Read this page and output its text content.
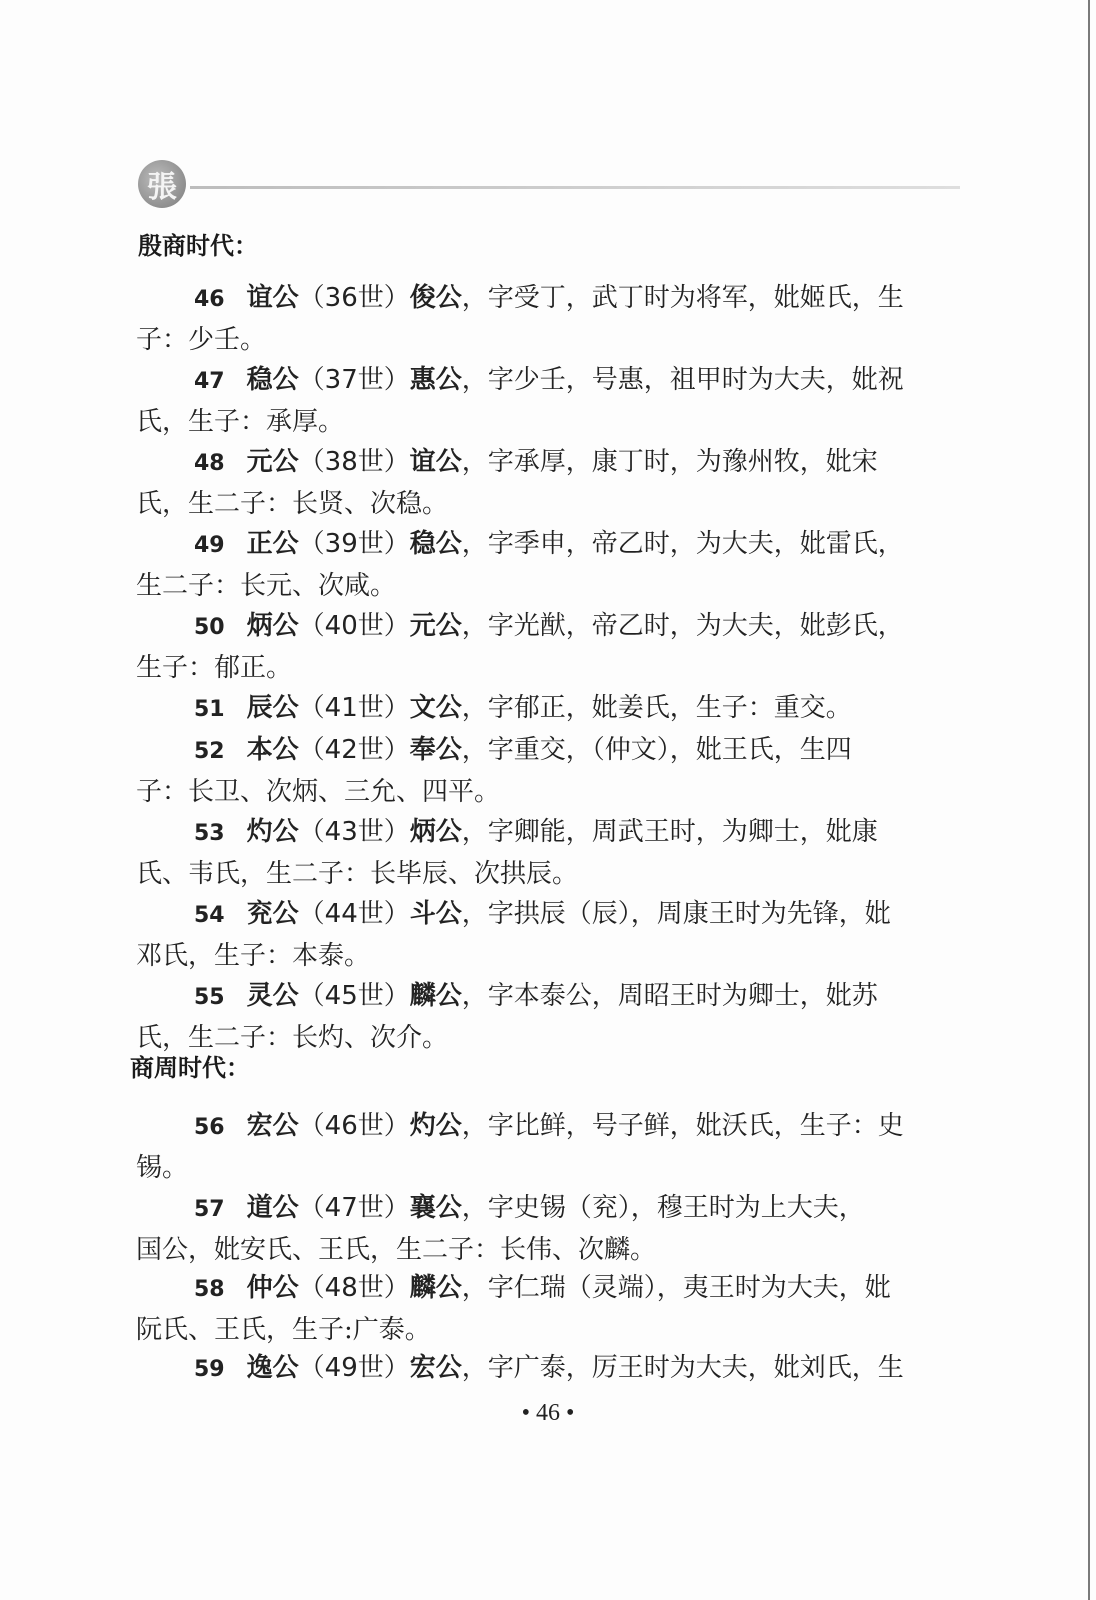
張
殷商时代：
46 谊公（36世）俊公，字受丁，武丁时为将军，妣姬氏，生
子：少壬。
47 稳公（37世）惠公，字少壬，号惠，祖甲时为大夫，妣祝
氏，生子：承厚。
48 元公（38世）谊公，字承厚，康丁时，为豫州牧，妣宋
氏，生二子：长贤、次稳。
49 正公（39世）稳公，字季申，帝乙时，为大夫，妣雷氏，
生二子：长元、次咸。
50 炳公（40世）元公，字光猷，帝乙时，为大夫，妣彭氏，
生子：郁正。
51 辰公（41世）文公，字郁正，妣姜氏，生子：重交。
52 本公（42世）奉公，字重交，（仲文），妣王氏，生四
子：长卫、次炳、三允、四平。
53 灼公（43世）炳公，字卿能，周武王时，为卿士，妣康
氏、韦氏，生二子：长毕辰、次拱辰。
54 兖公（44世）斗公，字拱辰（辰），周康王时为先锋，妣
邓氏，生子：本泰。
55 灵公（45世）麟公，字本泰公，周昭王时为卿士，妣苏
氏，生二子：长灼、次介。
商周时代：
56 宏公（46世）灼公，字比鲜，号子鲜，妣沃氏，生子：史
锡。
57 道公（47世）襄公，字史锡（兖），穆王时为上大夫，
国公，妣安氏、王氏，生二子：长伟、次麟。
58 仲公（48世）麟公，字仁瑞（灵端），夷王时为大夫，妣
阮氏、王氏，生子:广泰。
59 逸公（49世）宏公，字广泰，厉王时为大夫，妣刘氏，生
• 46 •
